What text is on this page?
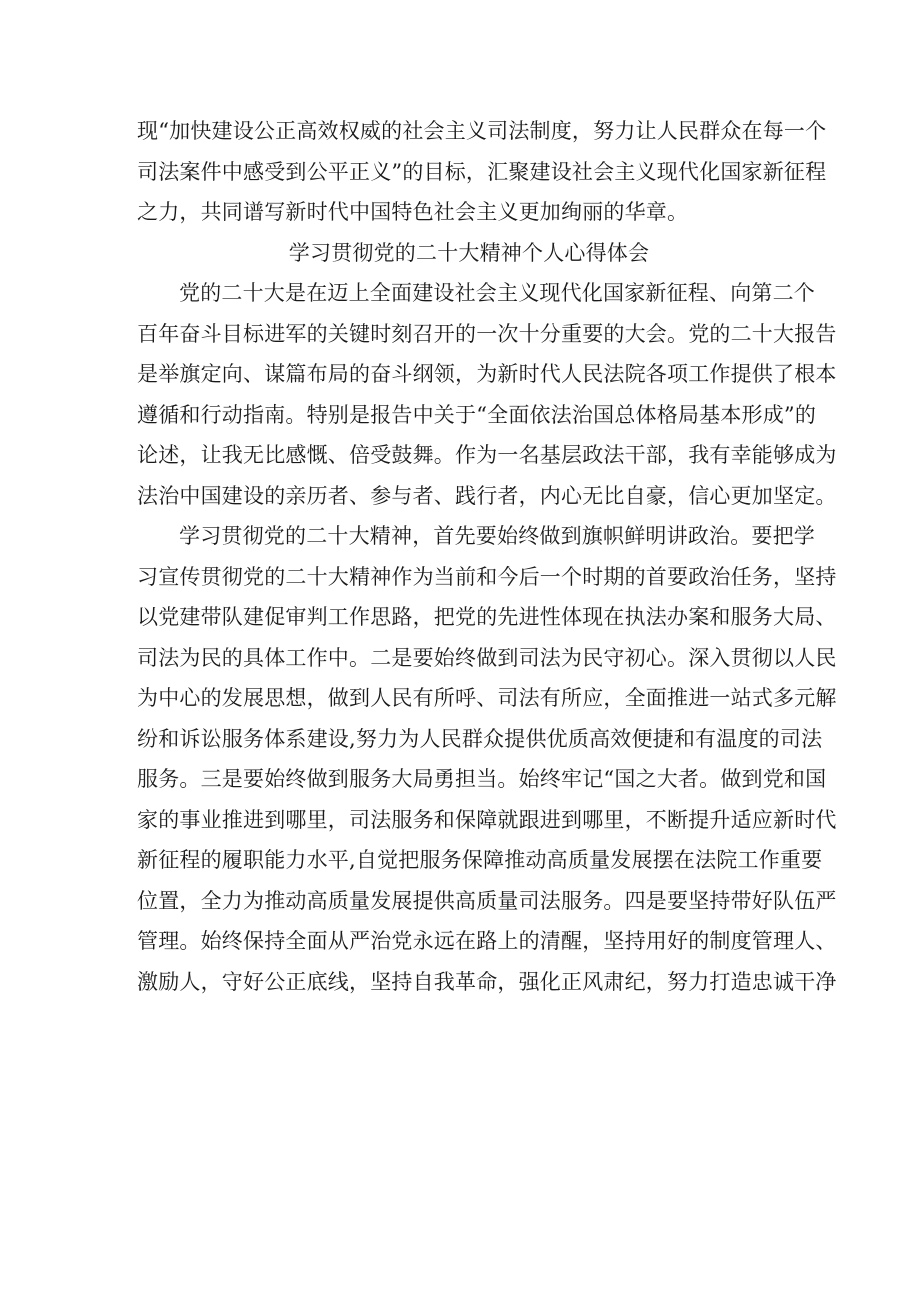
现“加快建设公正高效权威的社会主义司法制度，努力让人民群众在每一个
司法案件中感受到公平正义”的目标，汇聚建设社会主义现代化国家新征程
之力，共同谱写新时代中国特色社会主义更加绚丽的华章。
学习贯彻党的二十大精神个人心得体会
党的二十大是在迈上全面建设社会主义现代化国家新征程、向第二个
百年奋斗目标进军的关键时刻召开的一次十分重要的大会。党的二十大报告
是举旗定向、谋篇布局的奋斗纲领，为新时代人民法院各项工作提供了根本
遵循和行动指南。特别是报告中关于“全面依法治国总体格局基本形成”的
论述，让我无比感慨、倍受鼓舞。作为一名基层政法干部，我有幸能够成为
法治中国建设的亲历者、参与者、践行者，内心无比自豪，信心更加坚定。
学习贯彻党的二十大精神，首先要始终做到旗帜鲜明讲政治。要把学
习宣传贯彻党的二十大精神作为当前和今后一个时期的首要政治任务，坚持
以党建带队建促审判工作思路，把党的先进性体现在执法办案和服务大局、
司法为民的具体工作中。二是要始终做到司法为民守初心。深入贯彻以人民
为中心的发展思想，做到人民有所呼、司法有所应，全面推进一站式多元解
纷和诉讼服务体系建设,努力为人民群众提供优质高效便捷和有温度的司法
服务。三是要始终做到服务大局勇担当。始终牢记“国之大者。做到党和国
家的事业推进到哪里，司法服务和保障就跟进到哪里，不断提升适应新时代
新征程的履职能力水平,自觉把服务保障推动高质量发展摆在法院工作重要
位置，全力为推动高质量发展提供高质量司法服务。四是要坚持带好队伍严
管理。始终保持全面从严治党永远在路上的清醒，坚持用好的制度管理人、
激励人，守好公正底线，坚持自我革命，强化正风肃纪，努力打造忠诚干净
